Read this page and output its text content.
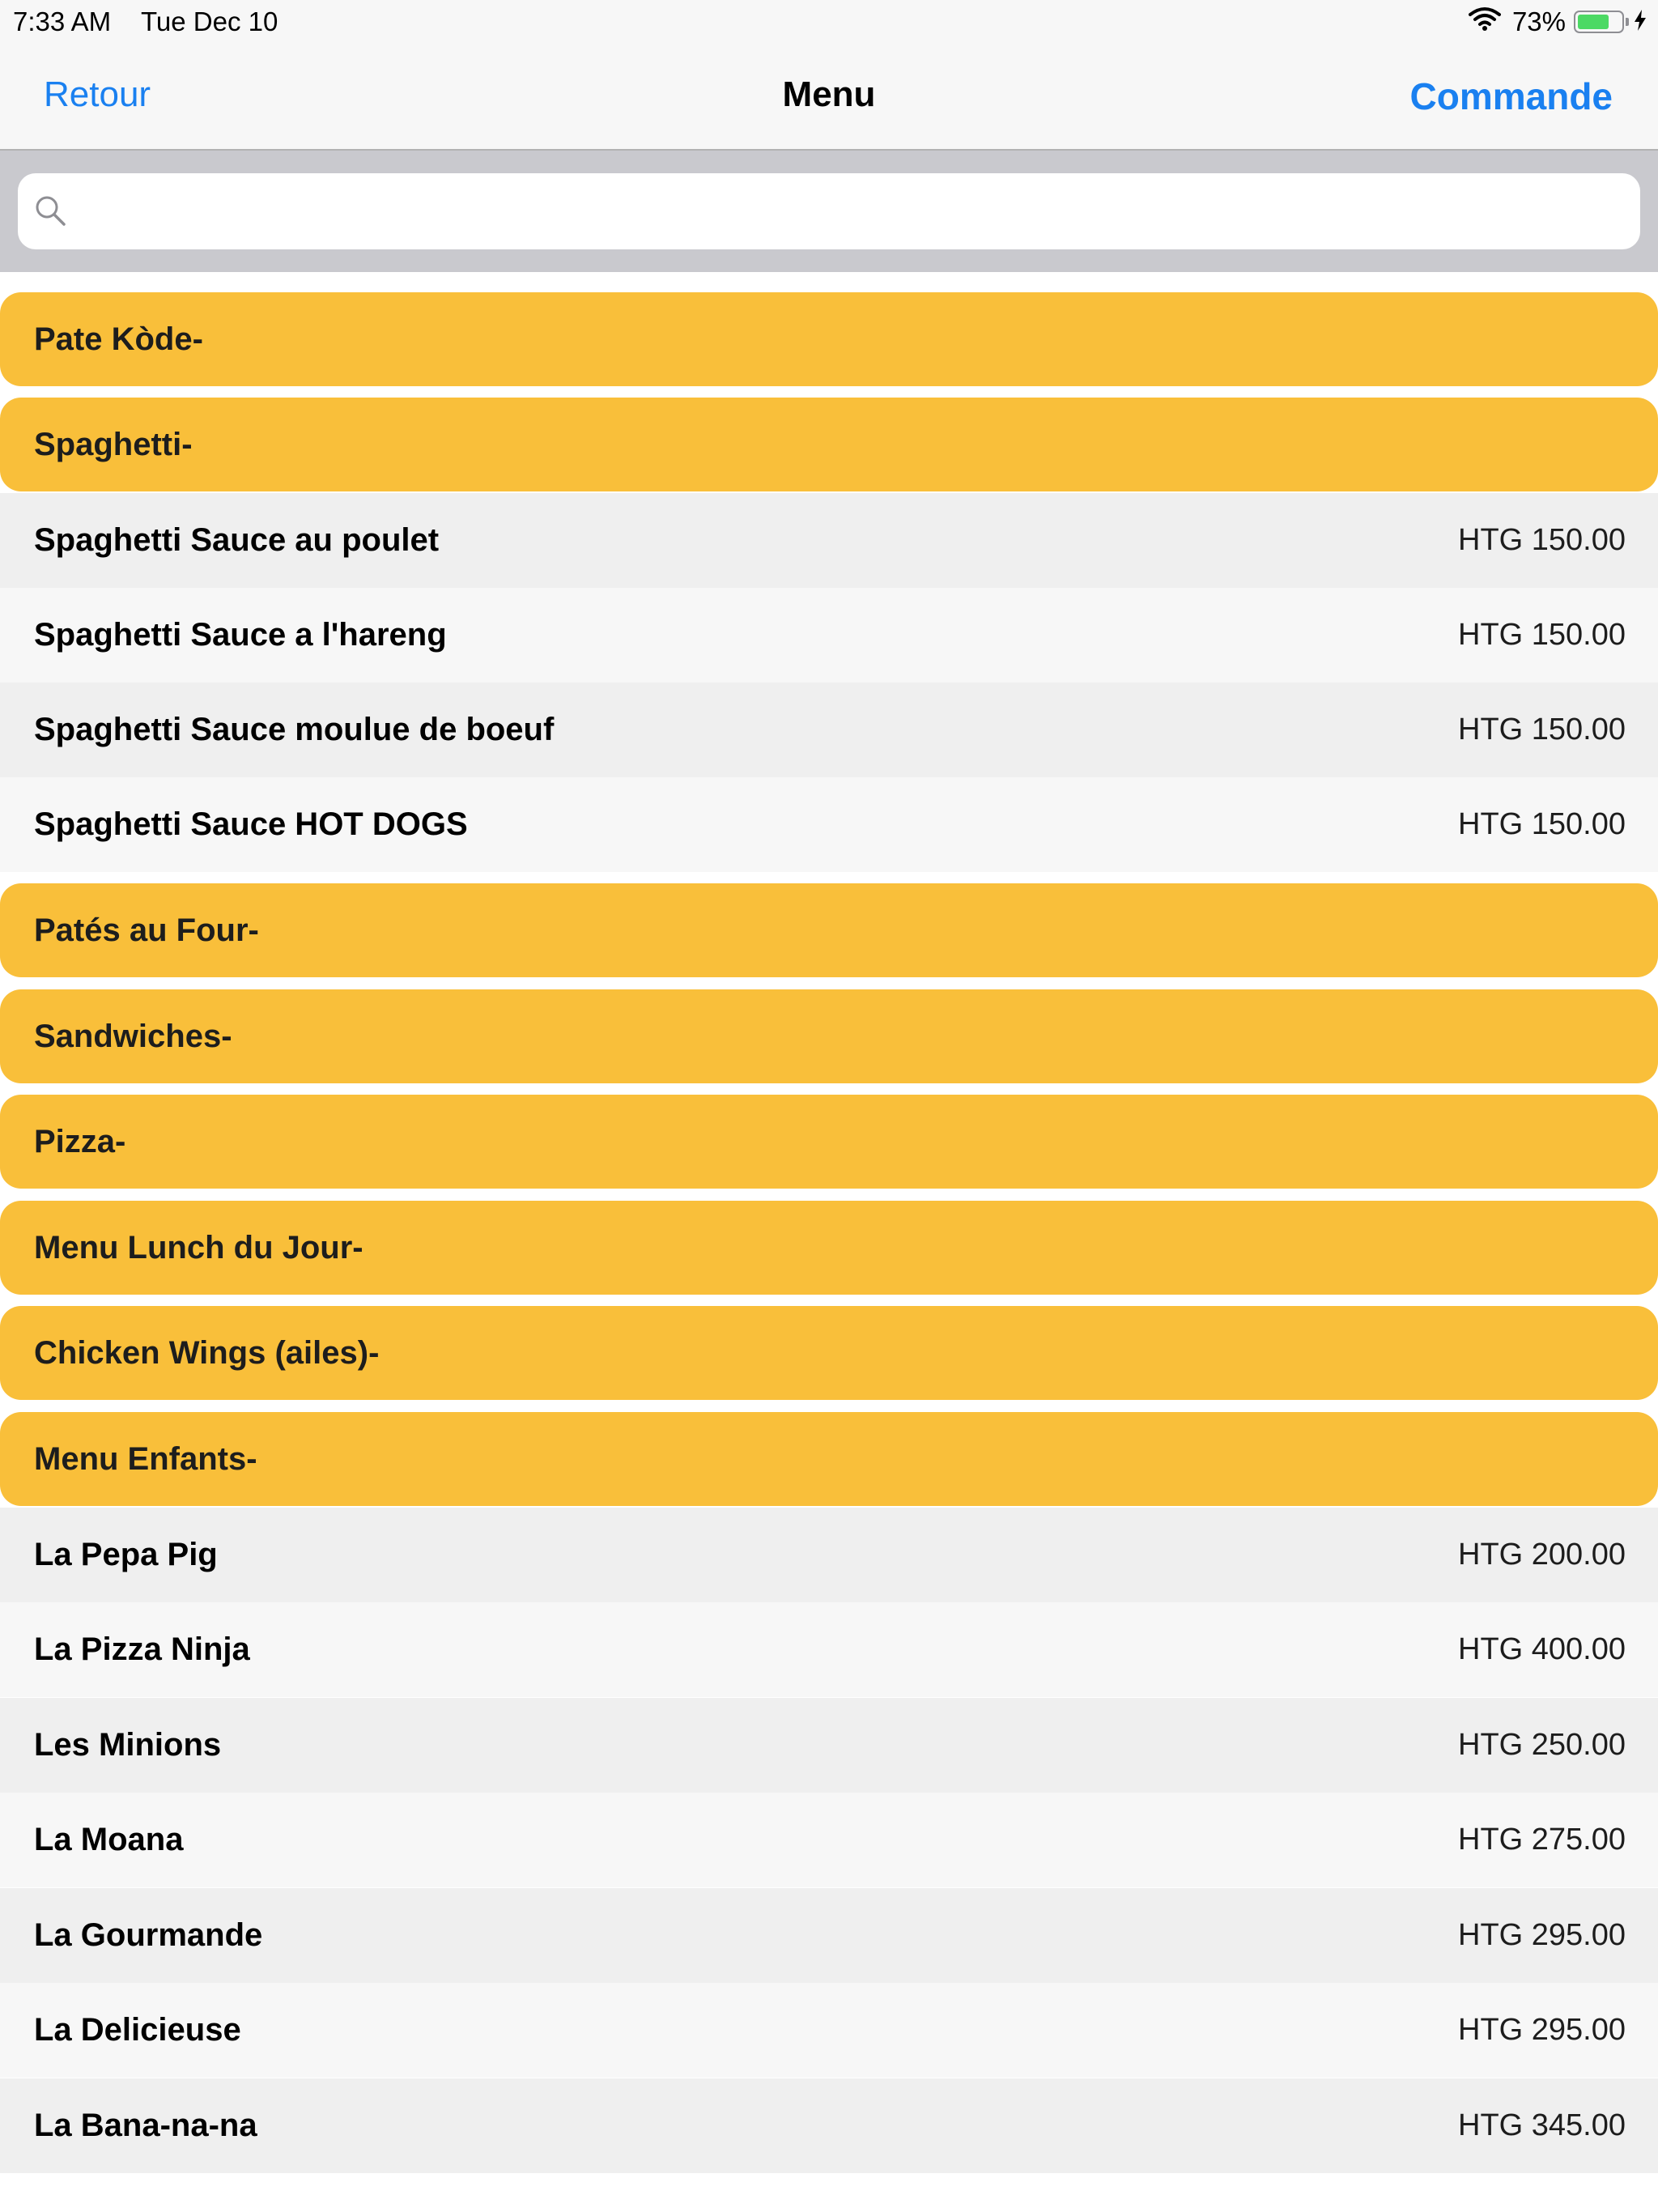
7:33 AM Tue Dec 10	73%
Retour	Menu	Commande
Pate Kòde-
Spaghetti-
Spaghetti Sauce au poulet	HTG 150.00
Spaghetti Sauce a l'hareng	HTG 150.00
Spaghetti Sauce moulue de boeuf	HTG 150.00
Spaghetti Sauce HOT DOGS	HTG 150.00
Patés au Four-
Sandwiches-
Pizza-
Menu Lunch du Jour-
Chicken Wings (ailes)-
Menu Enfants-
La Pepa Pig	HTG 200.00
La Pizza Ninja	HTG 400.00
Les Minions	HTG 250.00
La Moana	HTG 275.00
La Gourmande	HTG 295.00
La Delicieuse	HTG 295.00
La Bana-na-na	HTG 345.00
